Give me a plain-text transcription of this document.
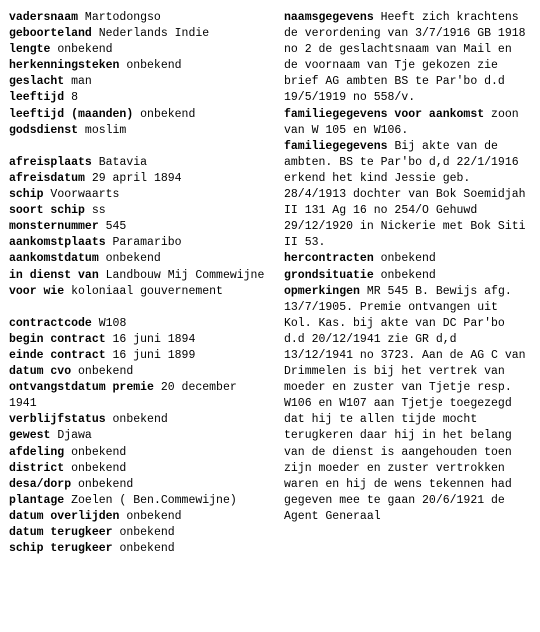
vadersnaam Martodongso

geboorteland Nederlands Indie

lengte onbekend

herkenningsteken onbekend

geslacht man

leeftijd 8

leeftijd (maanden) onbekend

godsdienst moslim

afreisplaats Batavia

afreisdatum 29 april 1894

schip Voorwaarts

soort schip ss

monsternummer 545

aankomstplaats Paramaribo

aankomstdatum onbekend

in dienst van Landbouw Mij Commewijne

voor wie koloniaal gouvernement

contractcode W108

begin contract 16 juni 1894

einde contract 16 juni 1899

datum cvo onbekend

ontvangstdatum premie 20 december 1941

verblijfstatus onbekend

gewest Djawa

afdeling onbekend

district onbekend

desa/dorp onbekend

plantage Zoelen ( Ben.Commewijne)

datum overlijden onbekend

datum terugkeer onbekend

schip terugkeer onbekend

naamsgegevens Heeft zich krachtens de verordening van 3/7/1916 GB 1918 no 2 de geslachtsnaam van Mail en de voornaam van Tje gekozen zie brief AG ambten BS te Par'bo d.d 19/5/1919 no 558/v.

familiegegevens voor aankomst zoon van W 105 en W106.

familiegegevens Bij akte van de ambten. BS te Par'bo d,d 22/1/1916 erkend het kind Jessie geb. 28/4/1913 dochter van Bok Soemidjah II 131 Ag 16 no 254/O Gehuwd 29/12/1920 in Nickerie met Bok Siti II 53.

hercontracten onbekend

grondsituatie onbekend

opmerkingen MR 545 B. Bewijs afg. 13/7/1905. Premie ontvangen uit Kol. Kas. bij akte van DC Par'bo d.d 20/12/1941 zie GR d,d 13/12/1941 no 3723. Aan de AG C van Drimmelen is bij het vertrek van moeder en zuster van Tjetje resp. W106 en W107 aan Tjetje toegezegd dat hij te allen tijde mocht terugkeren daar hij in het belang van de dienst is aangehouden toen zijn moeder en zuster vertrokken waren en hij de wens tekennen had gegeven mee te gaan 20/6/1921 de Agent Generaal
